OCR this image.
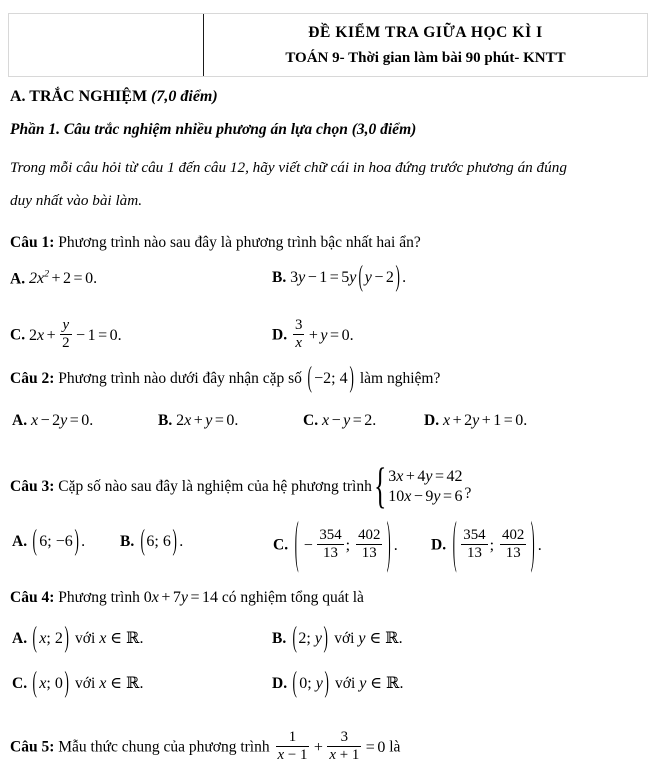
ĐỀ KIỂM TRA GIỮA HỌC KÌ I
TOÁN 9- Thời gian làm bài 90 phút- KNTT
A. TRẮC NGHIỆM (7,0 điểm)
Phần 1. Câu trắc nghiệm nhiều phương án lựa chọn (3,0 điểm)
Trong mỗi câu hỏi từ câu 1 đến câu 12, hãy viết chữ cái in hoa đứng trước phương án đúng
duy nhất vào bài làm.
Câu 1: Phương trình nào sau đây là phương trình bậc nhất hai ẩn?
A. $2x^2 + 2 = 0$.	B. 3y − 1 = 5y ( y − 2 ) .
C. $2x + \frac{y}{2} - 1 = 0$.	D. $\frac{3}{x} + y = 0$.
Câu 2: Phương trình nào dưới đây nhận cặp số ( −2; 4 ) làm nghiệm?
A. x − 2y = 0.	B. 2x + y = 0.	C. x − y = 2.	D. x + 2y + 1 = 0.
Câu 3: Cặp số nào sau đây là nghiệm của hệ phương trình{ 3x + 4y = 42
10x − 9y = 6 ?
A. ( 6; −6 ) . B. ( 6; 6 ) .	C. ( − $\frac{354}{13}$ ; $\frac{402}{13}$ ) . D. ( $\frac{354}{13}$ ; $\frac{402}{13}$ ) .
Câu 4: Phương trình 0x + 7y = 14 có nghiệm tổng quát là
A. ( x; 2 ) với x ∈ ℝ.	B. ( 2; y ) với y ∈ ℝ.
C. ( x; 0 ) với x ∈ ℝ.	D. ( 0; y ) với y ∈ ℝ.
Câu 5: Mẫu thức chung của phương trình $\frac{1}{x - 1} + \frac{3}{x + 1} = 0$ là
